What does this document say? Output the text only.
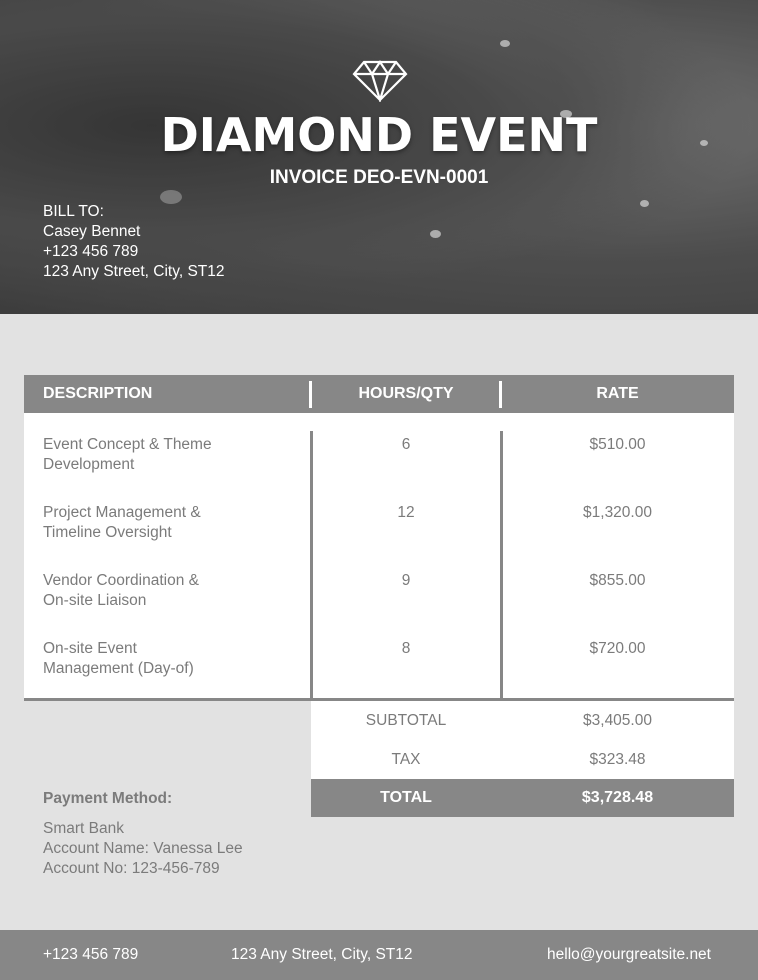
DIAMOND EVENT
INVOICE DEO-EVN-0001
BILL TO:
Casey Bennet
+123 456 789
123 Any Street, City, ST12
DESCRIPTION	HOURS/QTY	RATE
Event Concept & Theme
Development
6	$510.00
Project Management &
Timeline Oversight
12	$1,320.00
Vendor Coordination &
On-site Liaison
9	$855.00
On-site Event
Management (Day-of)
8	$720.00
SUBTOTAL	$3,405.00
TAX	$323.48
TOTAL	$3,728.48
Payment Method:
Smart Bank
Account Name: Vanessa Lee
Account No: 123-456-789
+123 456 789	123 Any Street, City, ST12	hello@yourgreatsite.net
